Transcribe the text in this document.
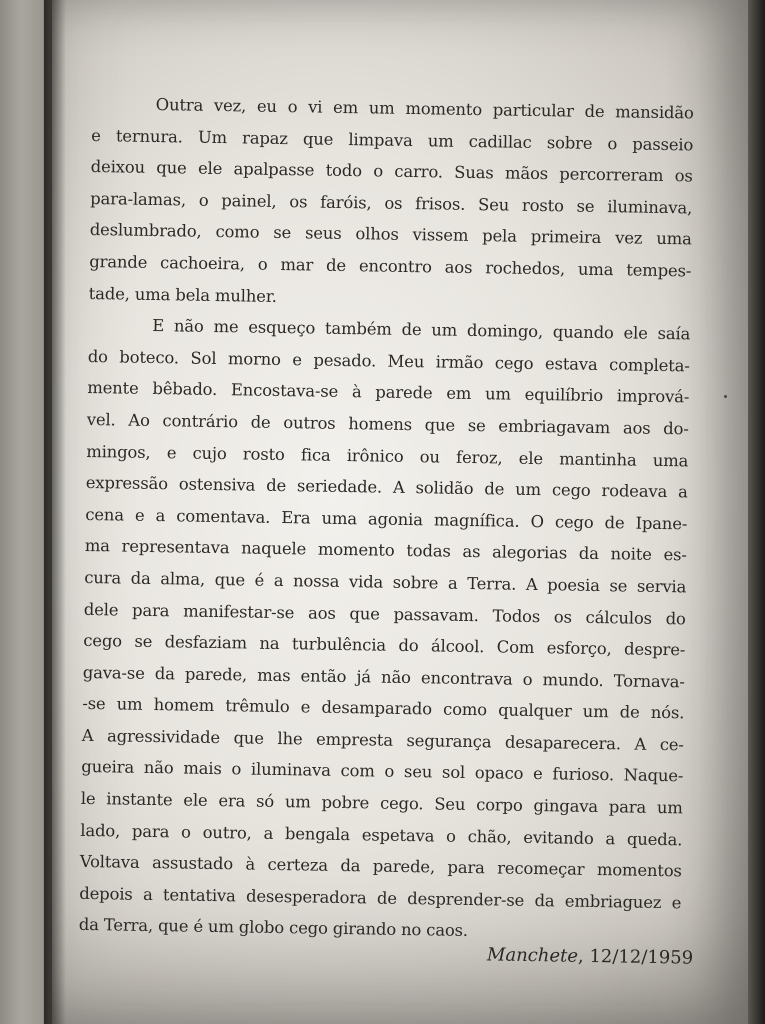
Outra vez, eu o vi em um momento particular de mansidão
e ternura. Um rapaz que limpava um cadillac sobre o passeio
deixou que ele apalpasse todo o carro. Suas mãos percorreram os
para-lamas, o painel, os faróis, os frisos. Seu rosto se iluminava,
deslumbrado, como se seus olhos vissem pela primeira vez uma
grande cachoeira, o mar de encontro aos rochedos, uma tempes-
tade, uma bela mulher.
E não me esqueço também de um domingo, quando ele saía
do boteco. Sol morno e pesado. Meu irmão cego estava completa-
mente bêbado. Encostava-se à parede em um equilíbrio imprová-
vel. Ao contrário de outros homens que se embriagavam aos do-
mingos, e cujo rosto fica irônico ou feroz, ele mantinha uma
expressão ostensiva de seriedade. A solidão de um cego rodeava a
cena e a comentava. Era uma agonia magnífica. O cego de Ipane-
ma representava naquele momento todas as alegorias da noite es-
cura da alma, que é a nossa vida sobre a Terra. A poesia se servia
dele para manifestar-se aos que passavam. Todos os cálculos do
cego se desfaziam na turbulência do álcool. Com esforço, despre-
gava-se da parede, mas então já não encontrava o mundo. Tornava-
-se um homem trêmulo e desamparado como qualquer um de nós.
A agressividade que lhe empresta segurança desaparecera. A ce-
gueira não mais o iluminava com o seu sol opaco e furioso. Naque-
le instante ele era só um pobre cego. Seu corpo gingava para um
lado, para o outro, a bengala espetava o chão, evitando a queda.
Voltava assustado à certeza da parede, para recomeçar momentos
depois a tentativa desesperadora de desprender-se da embriaguez e
da Terra, que é um globo cego girando no caos.
Manchete, 12/12/1959
